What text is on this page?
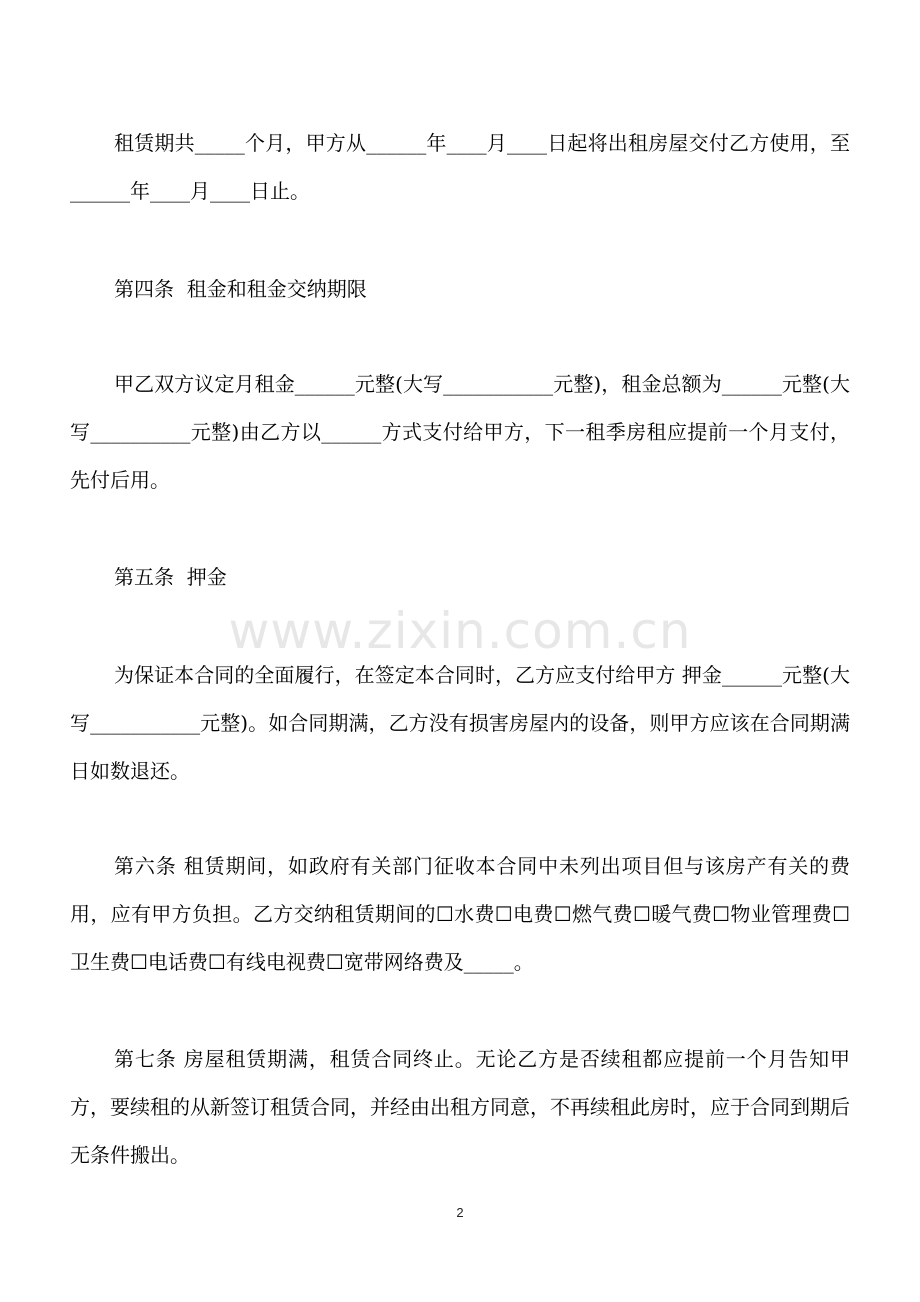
租赁期共_____个月，甲方从______年____月____日起将出租房屋交付乙方使用，至______年____月____日止。

第四条  租金和租金交纳期限

甲乙双方议定月租金______元整(大写___________元整)，租金总额为______元整(大写__________元整)由乙方以______方式支付给甲方，下一租季房租应提前一个月支付，先付后用。

第五条  押金

为保证本合同的全面履行，在签定本合同时，乙方应支付给甲方 押金______元整(大写___________元整)。如合同期满，乙方没有损害房屋内的设备，则甲方应该在合同期满日如数退还。

第六条 租赁期间，如政府有关部门征收本合同中未列出项目但与该房产有关的费用，应有甲方负担。乙方交纳租赁期间的☐水费☐电费☐燃气费☐暖气费☐物业管理费☐卫生费☐电话费☐有线电视费☐宽带网络费及_____。

第七条 房屋租赁期满，租赁合同终止。无论乙方是否续租都应提前一个月告知甲方，要续租的从新签订租赁合同，并经由出租方同意，不再续租此房时，应于合同到期后无条件搬出。

www.zixin.com.cn
2
